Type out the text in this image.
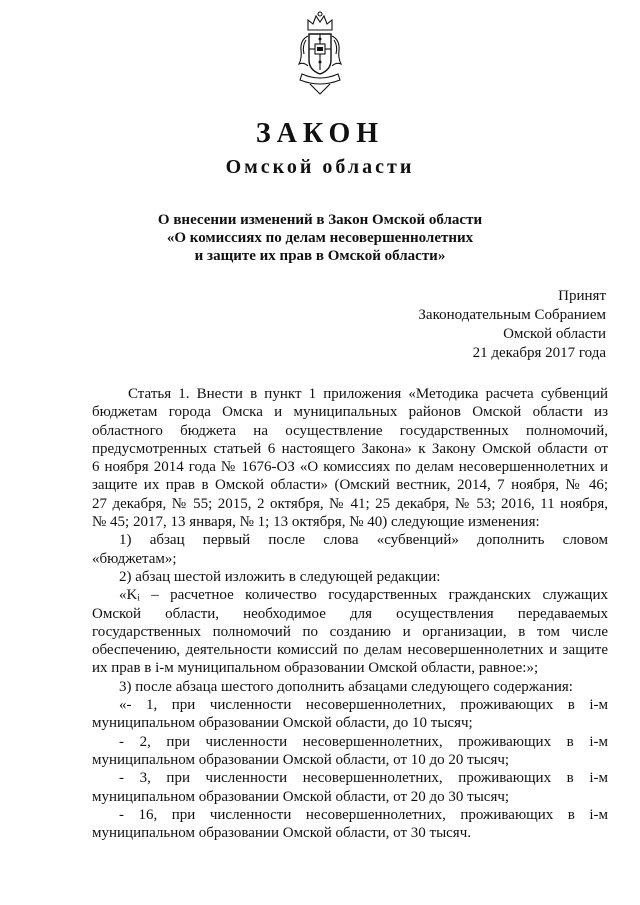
ЗАКОН
Омской области
О внесении изменений в Закон Омской области
«О комиссиях по делам несовершеннолетних
и защите их прав в Омской области»
Принят
Законодательным Собранием
Омской области
21 декабря 2017 года
Статья 1. Внести в пункт 1 приложения «Методика расчета субвенций
бюджетам города Омска и муниципальных районов Омской области из
областного бюджета на осуществление государственных полномочий,
предусмотренных статьей 6 настоящего Закона» к Закону Омской области от
6 ноября 2014 года № 1676-ОЗ «О комиссиях по делам несовершеннолетних и
защите их прав в Омской области» (Омский вестник, 2014, 7 ноября, № 46;
27 декабря, № 55; 2015, 2 октября, № 41; 25 декабря, № 53; 2016, 11 ноября,
№ 45; 2017, 13 января, № 1; 13 октября, № 40) следующие изменения:
1) абзац первый после слова «субвенций» дополнить словом
«бюджетам»;
2) абзац шестой изложить в следующей редакции:
«Kᵢ – расчетное количество государственных гражданских служащих
Омской области, необходимое для осуществления передаваемых
государственных полномочий по созданию и организации, в том числе
обеспечению, деятельности комиссий по делам несовершеннолетних и защите
их прав в i-м муниципальном образовании Омской области, равное:»;
3) после абзаца шестого дополнить абзацами следующего содержания:
«- 1, при численности несовершеннолетних, проживающих в i-м
муниципальном образовании Омской области, до 10 тысяч;
- 2, при численности несовершеннолетних, проживающих в i-м
муниципальном образовании Омской области, от 10 до 20 тысяч;
- 3, при численности несовершеннолетних, проживающих в i-м
муниципальном образовании Омской области, от 20 до 30 тысяч;
- 16, при численности несовершеннолетних, проживающих в i-м
муниципальном образовании Омской области, от 30 тысяч.
